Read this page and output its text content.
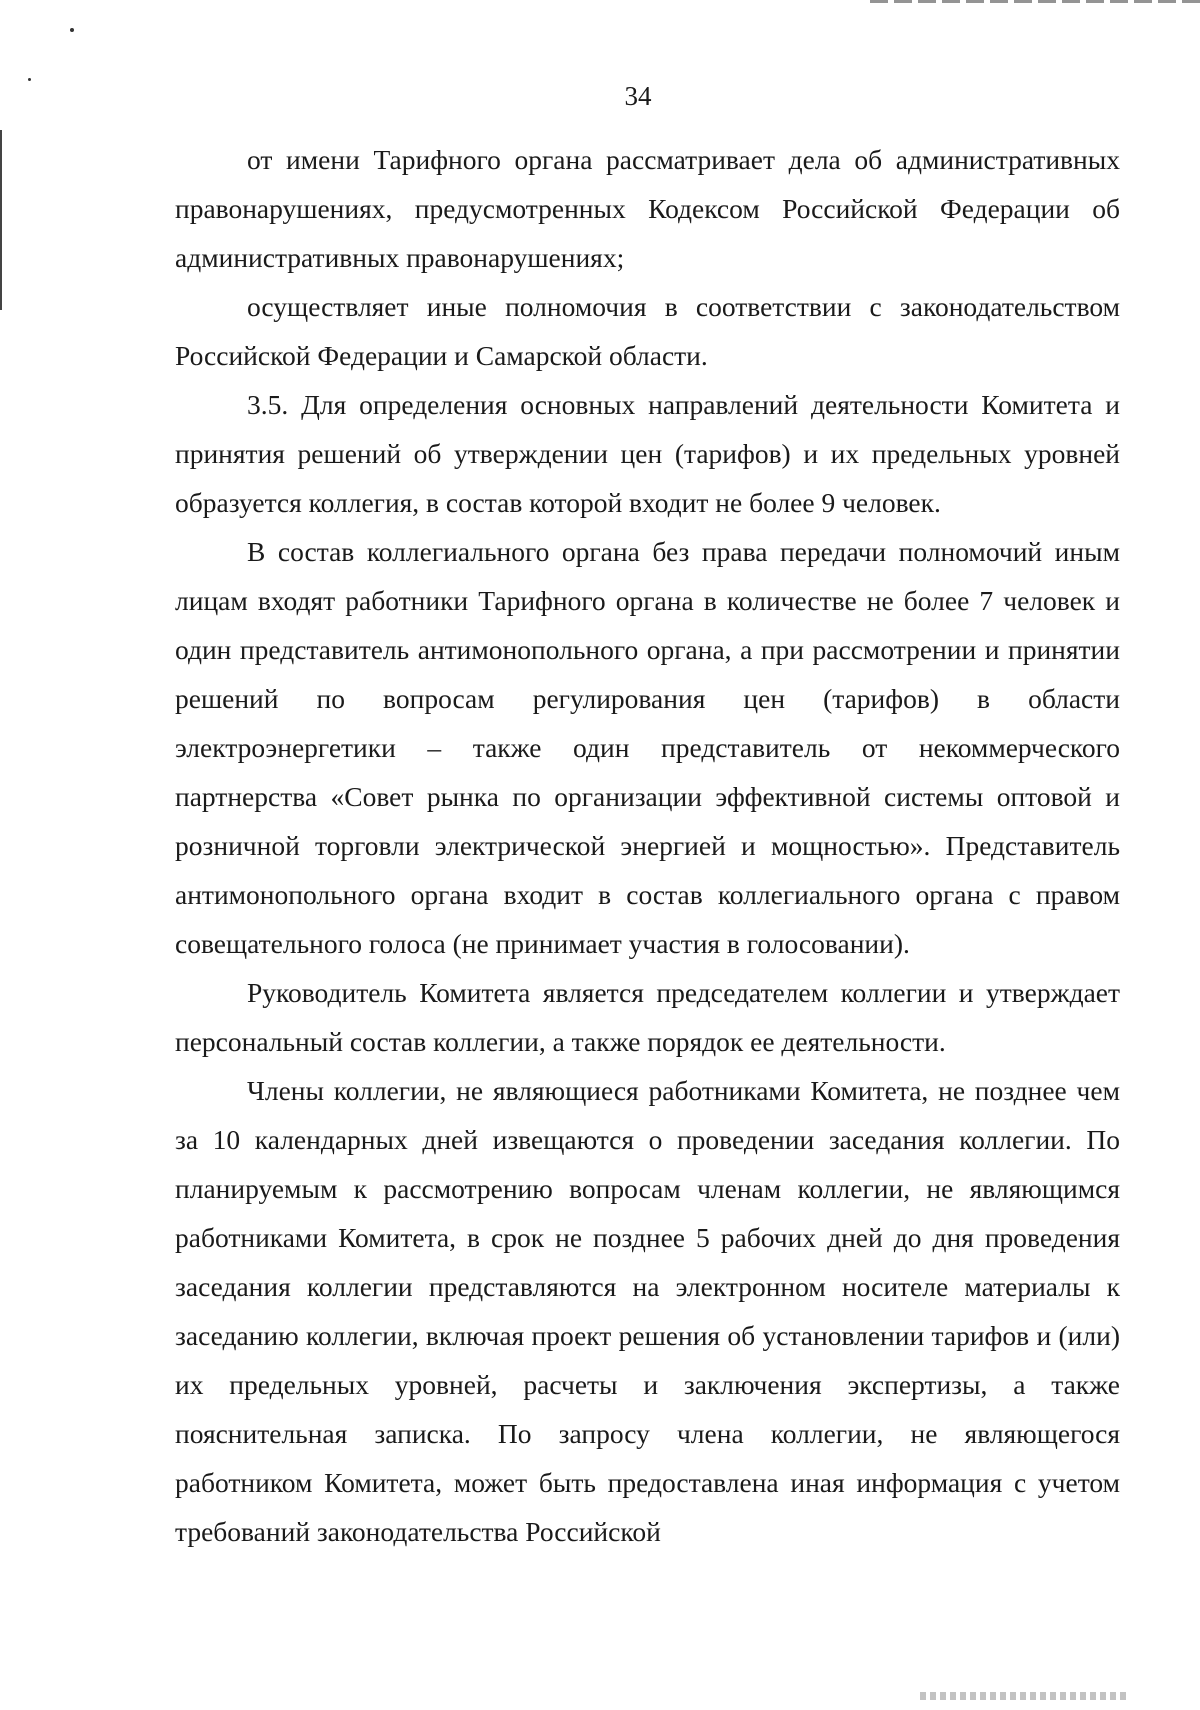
34

от имени Тарифного органа рассматривает дела об административных правонарушениях, предусмотренных Кодексом Российской Федерации об административных правонарушениях;

осуществляет иные полномочия в соответствии с законодательством Российской Федерации и Самарской области.

3.5. Для определения основных направлений деятельности Комитета и принятия решений об утверждении цен (тарифов) и их предельных уровней образуется коллегия, в состав которой входит не более 9 человек.

В состав коллегиального органа без права передачи полномочий иным лицам входят работники Тарифного органа в количестве не более 7 человек и один представитель антимонопольного органа, а при рассмотрении и принятии решений по вопросам регулирования цен (тарифов) в области электроэнергетики – также один представитель от некоммерческого партнерства «Совет рынка по организации эффективной системы оптовой и розничной торговли электрической энергией и мощностью». Представитель антимонопольного органа входит в состав коллегиального органа с правом совещательного голоса (не принимает участия в голосовании).

Руководитель Комитета является председателем коллегии и утверждает персональный состав коллегии, а также порядок ее деятельности.

Члены коллегии, не являющиеся работниками Комитета, не позднее чем за 10 календарных дней извещаются о проведении заседания коллегии. По планируемым к рассмотрению вопросам членам коллегии, не являющимся работниками Комитета, в срок не позднее 5 рабочих дней до дня проведения заседания коллегии представляются на электронном носителе материалы к заседанию коллегии, включая проект решения об установлении тарифов и (или) их предельных уровней, расчеты и заключения экспертизы, а также пояснительная записка. По запросу члена коллегии, не являющегося работником Комитета, может быть предоставлена иная информация с учетом требований законодательства Российской
